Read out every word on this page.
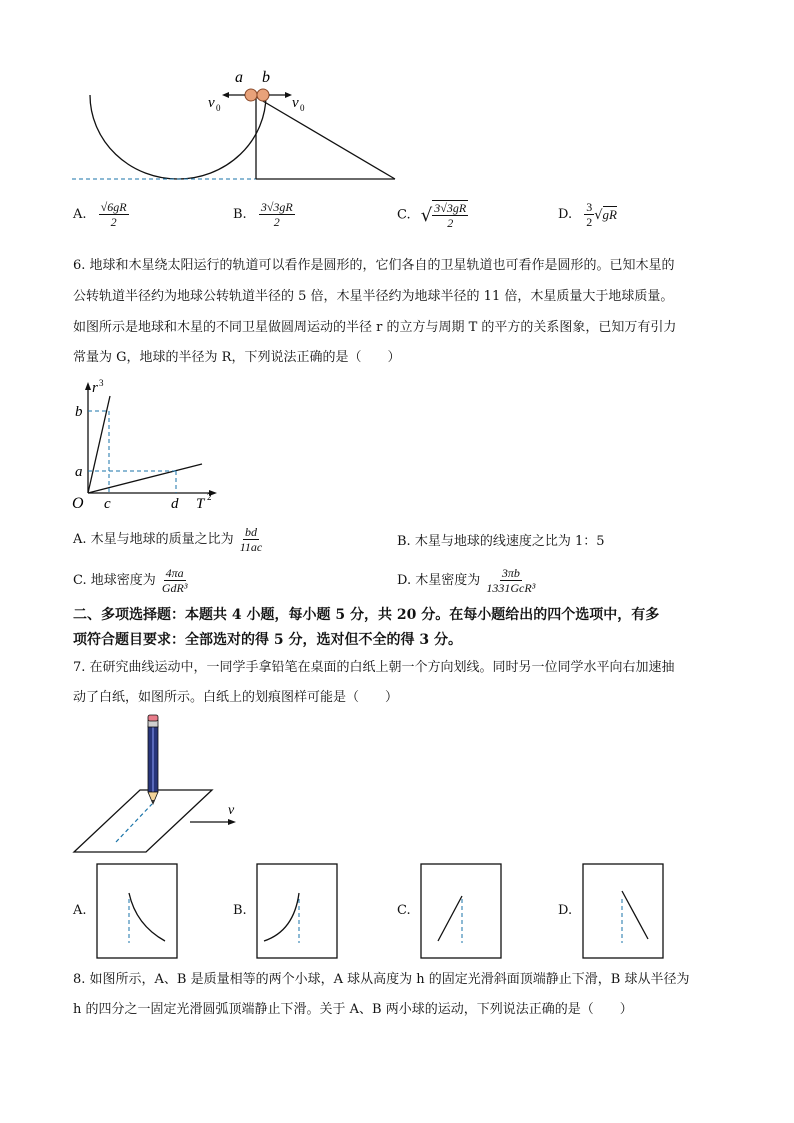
a b
v 0	v 0
A. $\frac{√6gR}{2}$	B. $\frac{3√3gR}{2}$	C. √ $\frac{3√3gR}{2}$	D. $\frac{3}{2} √gR$
6. 地球和木星绕太阳运行的轨道可以看作是圆形的，它们各自的卫星轨道也可看作是圆形的。已知木星的
公转轨道半径约为地球公转轨道半径的 5 倍，木星半径约为地球半径的 11 倍，木星质量大于地球质量。
如图所示是地球和木星的不同卫星做圆周运动的半径 r 的立方与周期 T 的平方的关系图象，已知万有引力
常量为 G，地球的半径为 R，下列说法正确的是（　　）
r 3
T 2
O
b
a
c	d
A. 木星与地球的质量之比为 $\frac{bd}{11ac}$	B. 木星与地球的线速度之比为 1：5
C. 地球密度为 $\frac{4\pi a}{\text{GdR³}}$	D. 木星密度为 $\frac{3\pi b}{\text{1331GcR³}}$
二、多项选择题：本题共 4 小题，每小题 5 分，共 20 分。在每小题给出的四个选项中，有多
项符合题目要求：全部选对的得 5 分，选对但不全的得 3 分。
7. 在研究曲线运动中，一同学手拿铅笔在桌面的白纸上朝一个方向划线。同时另一位同学水平向右加速抽
动了白纸，如图所示。白纸上的划痕图样可能是（　　）
v
A.	B.	C.	D.
8. 如图所示，A、B 是质量相等的两个小球，A 球从高度为 h 的固定光滑斜面顶端静止下滑，B 球从半径为
h 的四分之一固定光滑圆弧顶端静止下滑。关于 A、B 两小球的运动，下列说法正确的是（　　）
